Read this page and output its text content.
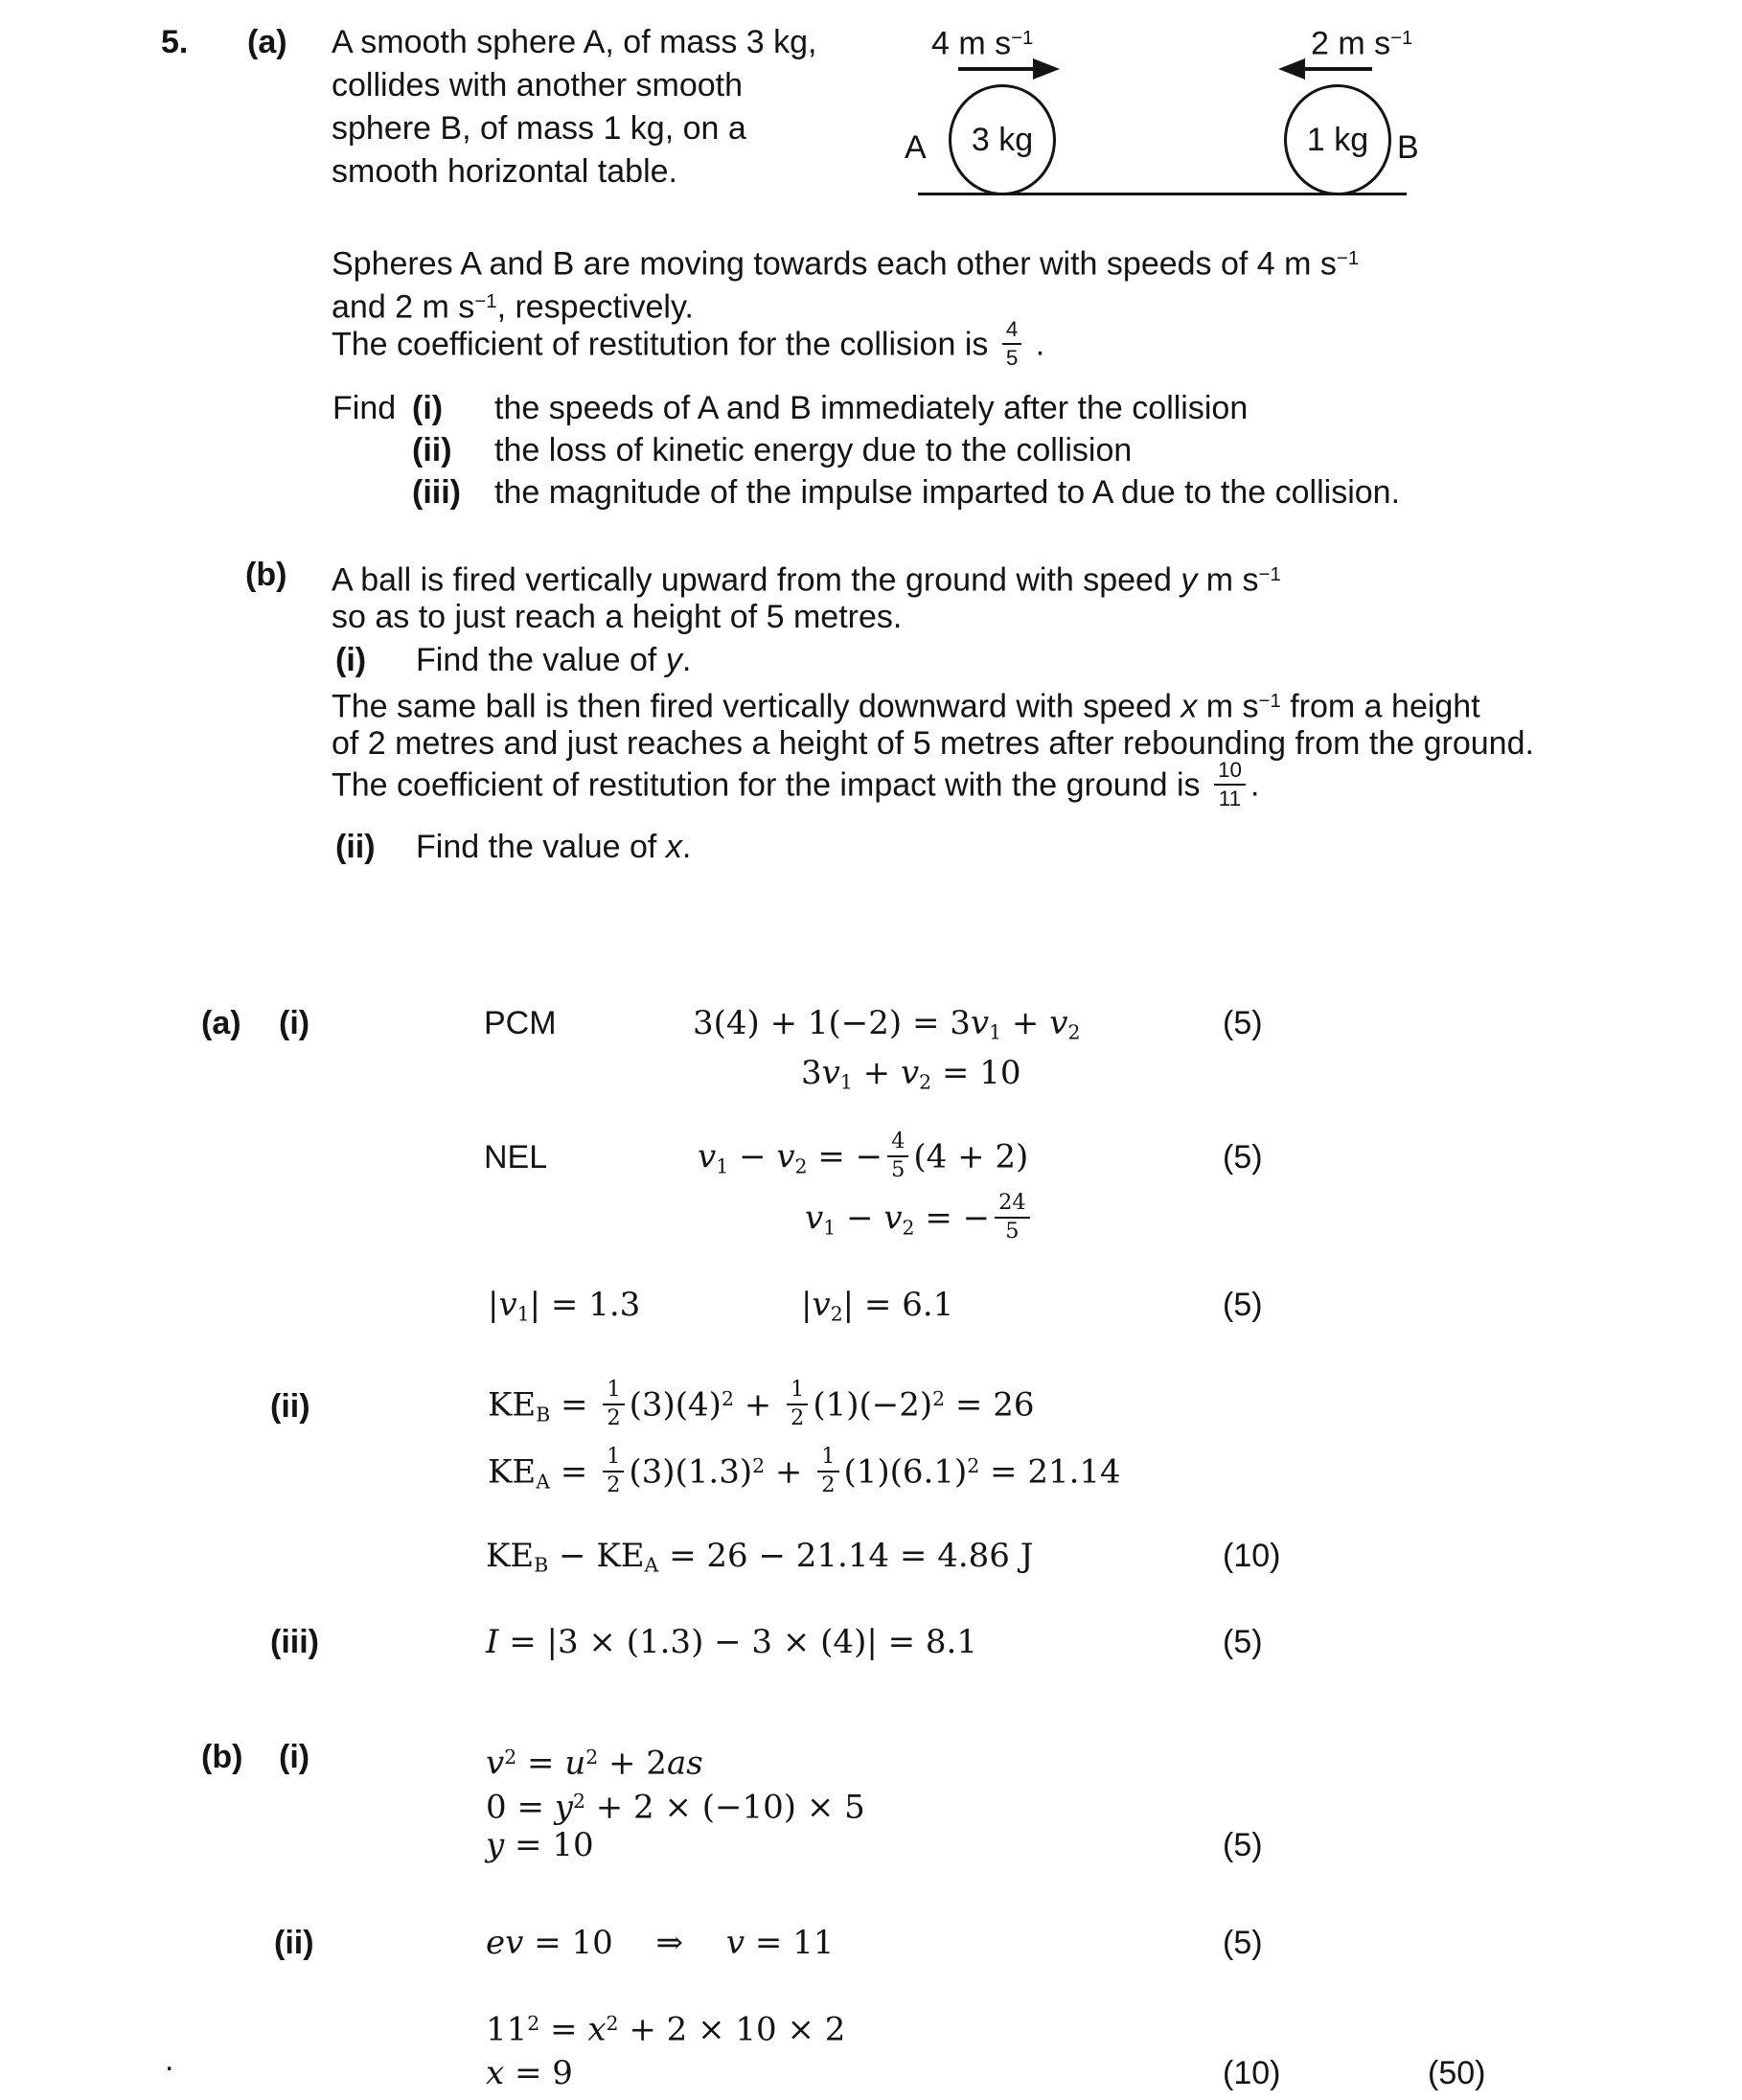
5. (a) A smooth sphere A, of mass 3 kg,
collides with another smooth
sphere B, of mass 1 kg, on a
smooth horizontal table.
4 m $s^{-1}$
A 3 kg
2 m $s^{-1}$
1 kg B
Spheres A and B are moving towards each other with speeds of 4 m $s^{-1}$
and 2 m $s^{-1}$, respectively.
The coefficient of restitution for the collision is $\frac{4}{5}$ .
Find (i) the speeds of A and B immediately after the collision
(ii) the loss of kinetic energy due to the collision
(iii) the magnitude of the impulse imparted to A due to the collision.
(b) A ball is fired vertically upward from the ground with speed y m $s^{-1}$
so as to just reach a height of 5 metres.
(i) Find the value of y.
The same ball is then fired vertically downward with speed x m $s^{-1}$ from a height
of 2 metres and just reaches a height of 5 metres after rebounding from the ground.
The coefficient of restitution for the impact with the ground is $\frac{10}{11}$ .
(ii) Find the value of x.
(a) (i)	PCM	3(4) + 1(−2) = 3v1 + v2	(5)
3v1 + v2 = 10
NEL	v1 − v2 = − $\frac{4}{5} (4 + 2)$	(5)
v1 − v2 = − $\frac{24}{5}$
|v1| = 1.3	|v2| = 6.1	(5)
(ii)	KEB = $\frac{1}{2} (3)(4)^2 + \frac{1}{2} (1)(-2)^2 = 26$
KEA = $\frac{1}{2} (3)(1.3)^2 + \frac{1}{2} (1)(6.1)^2 = 21.14$
KEB − KEA = 26 − 21.14 = 4.86 J	(10)
(iii)	I = |3 × (1.3) − 3 × (4)| = 8.1	(5)
(b) (i)	$v^2 = u^2 + 2as$
$0 = y^2 + 2 \times (-10) \times 5$
y = 10	(5)
(ii)	ev = 10  ⇒  v = 11	(5)
$11^2 = x^2 + 2 \times 10 \times 2$
x = 9	(10)	(50)
.
